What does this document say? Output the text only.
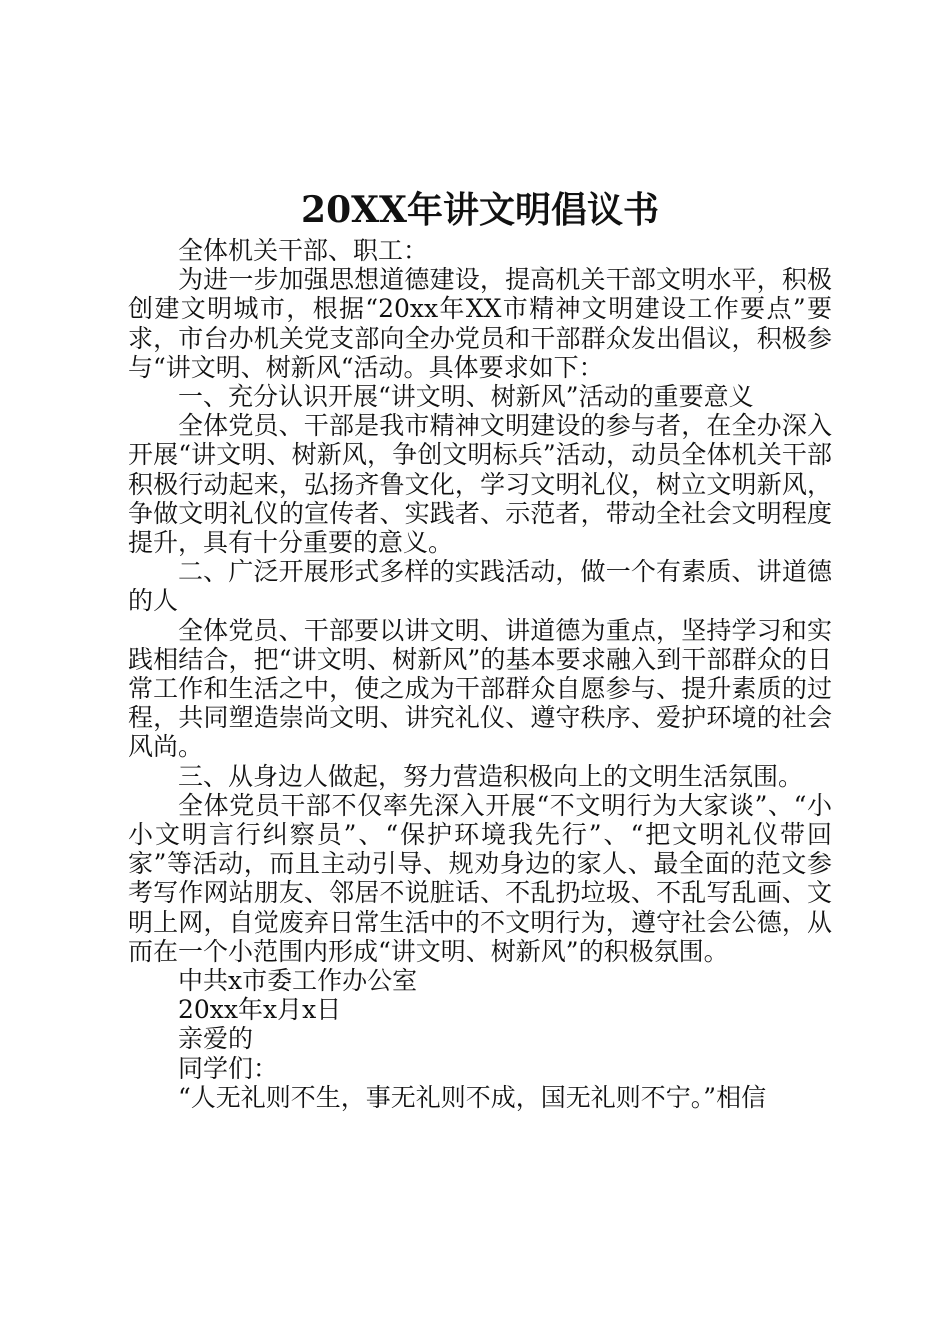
20XX年讲文明倡议书

全体机关干部、职工：

为进一步加强思想道德建设，提高机关干部文明水平，积极创建文明城市，根据“20xx年XX市精神文明建设工作要点”要求，市台办机关党支部向全办党员和干部群众发出倡议，积极参与“讲文明、树新风“活动。具体要求如下：

一、充分认识开展“讲文明、树新风”活动的重要意义

全体党员、干部是我市精神文明建设的参与者，在全办深入开展“讲文明、树新风，争创文明标兵”活动，动员全体机关干部积极行动起来，弘扬齐鲁文化，学习文明礼仪，树立文明新风，争做文明礼仪的宣传者、实践者、示范者，带动全社会文明程度提升，具有十分重要的意义。

二、广泛开展形式多样的实践活动，做一个有素质、讲道德的人

全体党员、干部要以讲文明、讲道德为重点，坚持学习和实践相结合，把“讲文明、树新风”的基本要求融入到干部群众的日常工作和生活之中，使之成为干部群众自愿参与、提升素质的过程，共同塑造崇尚文明、讲究礼仪、遵守秩序、爱护环境的社会风尚。

三、从身边人做起，努力营造积极向上的文明生活氛围。

全体党员干部不仅率先深入开展“不文明行为大家谈”、“小小文明言行纠察员”、“保护环境我先行”、“把文明礼仪带回家”等活动，而且主动引导、规劝身边的家人、最全面的范文参考写作网站朋友、邻居不说脏话、不乱扔垃圾、不乱写乱画、文明上网，自觉废弃日常生活中的不文明行为，遵守社会公德，从而在一个小范围内形成“讲文明、树新风”的积极氛围。

中共x市委工作办公室

20xx年x月x日

亲爱的

同学们：

“人无礼则不生，事无礼则不成，国无礼则不宁。”相信
